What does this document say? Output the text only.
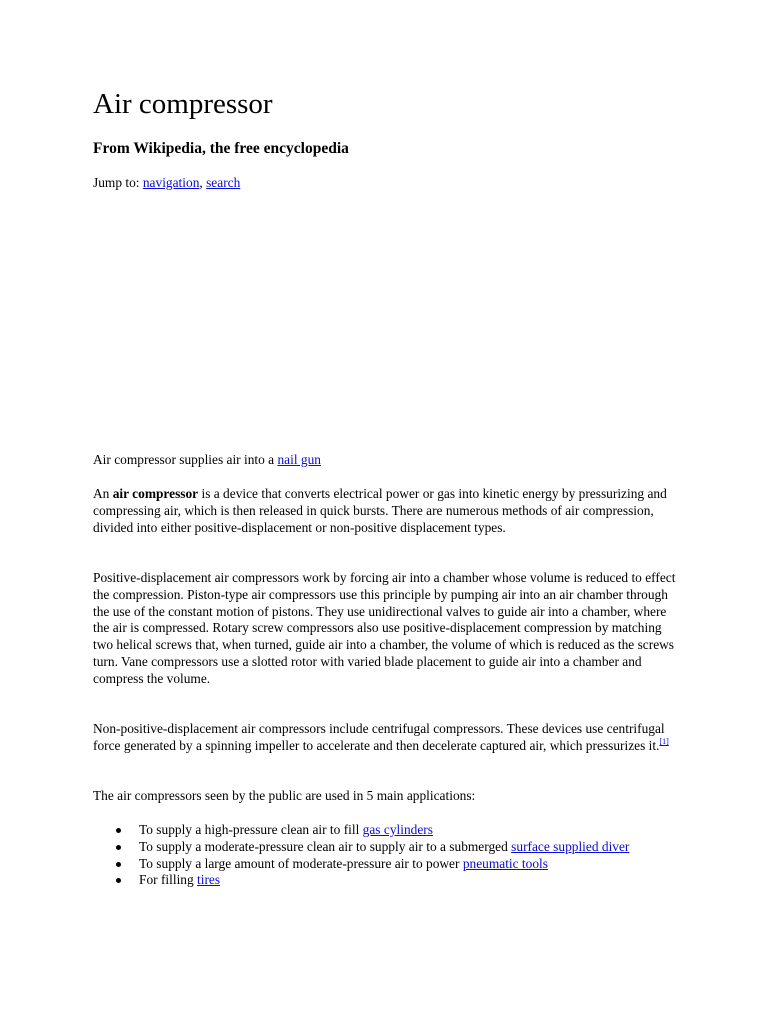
Air compressor
From Wikipedia, the free encyclopedia

Jump to: navigation, search

Air compressor supplies air into a nail gun

An air compressor is a device that converts electrical power or gas into kinetic energy by pressurizing and compressing air, which is then released in quick bursts. There are numerous methods of air compression, divided into either positive-displacement or non-positive displacement types.

Positive-displacement air compressors work by forcing air into a chamber whose volume is reduced to effect the compression. Piston-type air compressors use this principle by pumping air into an air chamber through the use of the constant motion of pistons. They use unidirectional valves to guide air into a chamber, where the air is compressed. Rotary screw compressors also use positive-displacement compression by matching two helical screws that, when turned, guide air into a chamber, the volume of which is reduced as the screws turn. Vane compressors use a slotted rotor with varied blade placement to guide air into a chamber and compress the volume.

Non-positive-displacement air compressors include centrifugal compressors. These devices use centrifugal force generated by a spinning impeller to accelerate and then decelerate captured air, which pressurizes it.[1]

The air compressors seen by the public are used in 5 main applications:

To supply a high-pressure clean air to fill gas cylinders
To supply a moderate-pressure clean air to supply air to a submerged surface supplied diver
To supply a large amount of moderate-pressure air to power pneumatic tools
For filling tires
